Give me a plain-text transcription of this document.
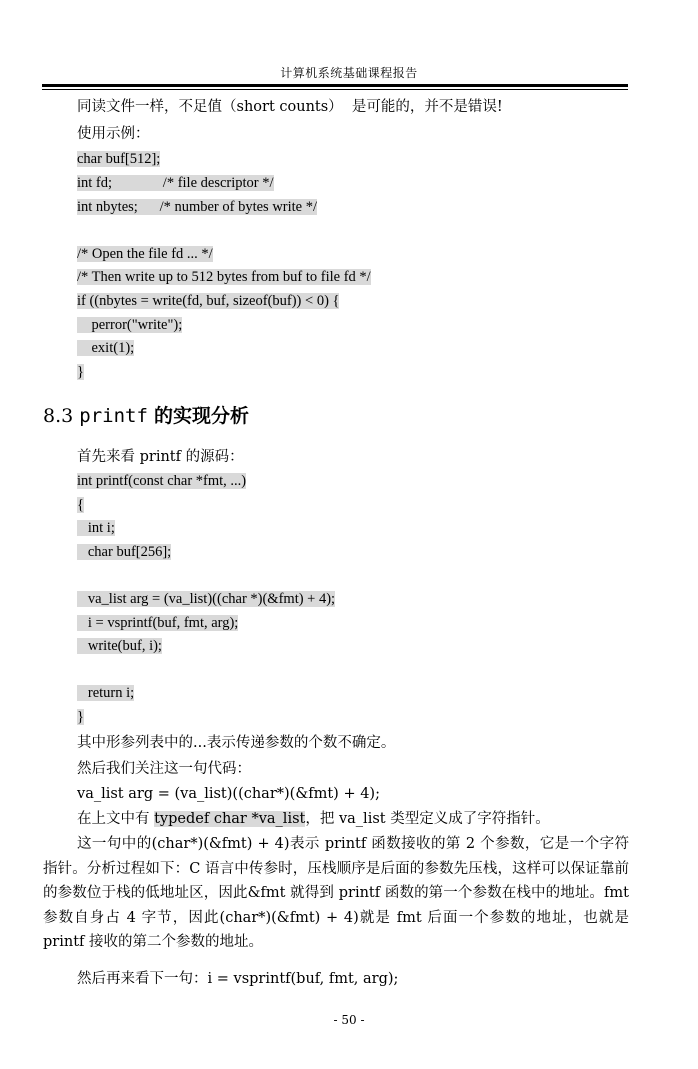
计算机系统基础课程报告
同读文件一样，不足值（short counts）  是可能的，并不是错误!
使用示例：
char buf[512];
int fd;              /* file descriptor */
int nbytes;      /* number of bytes write */
/* Open the file fd ... */
/* Then write up to 512 bytes from buf to file fd */
if ((nbytes = write(fd, buf, sizeof(buf)) < 0) {
perror("write");
exit(1);
}
8.3 printf 的实现分析
首先来看 printf 的源码：
int printf(const char *fmt, ...)
{
int i;
char buf[256];
va_list arg = (va_list)((char *)(&fmt) + 4);
i = vsprintf(buf, fmt, arg);
write(buf, i);
return i;
}
其中形参列表中的...表示传递参数的个数不确定。
然后我们关注这一句代码：
va_list arg = (va_list)((char*)(&fmt) + 4);
在上文中有 typedef char *va_list，把 va_list 类型定义成了字符指针。
这一句中的(char*)(&fmt) + 4)表示 printf 函数接收的第 2 个参数，它是一个字符指针。分析过程如下：C 语言中传参时，压栈顺序是后面的参数先压栈，这样可以保证靠前的参数位于栈的低地址区，因此&fmt 就得到 printf 函数的第一个参数在栈中的地址。fmt 参数自身占 4 字节，因此(char*)(&fmt) + 4)就是 fmt 后面一个参数的地址，也就是 printf 接收的第二个参数的地址。
然后再来看下一句：i = vsprintf(buf, fmt, arg);
- 50 -
